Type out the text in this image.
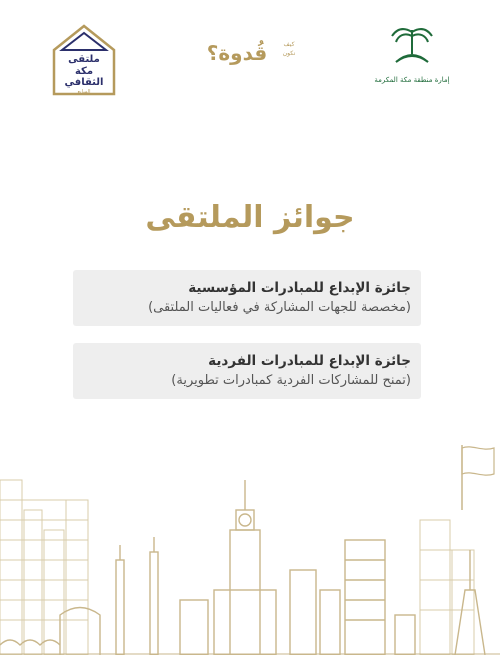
ملتقى
مكة
الثقافي
السابع
كيف
نكون
قُدوة؟
إمارة منطقة مكة المكرمة
جوائز الملتقى
جائزة الإبداع للمبادرات المؤسسية
(مخصصة للجهات المشاركة في فعاليات الملتقى)
جائزة الإبداع للمبادرات الفردية
(تمنح للمشاركات الفردية كمبادرات تطويرية)
